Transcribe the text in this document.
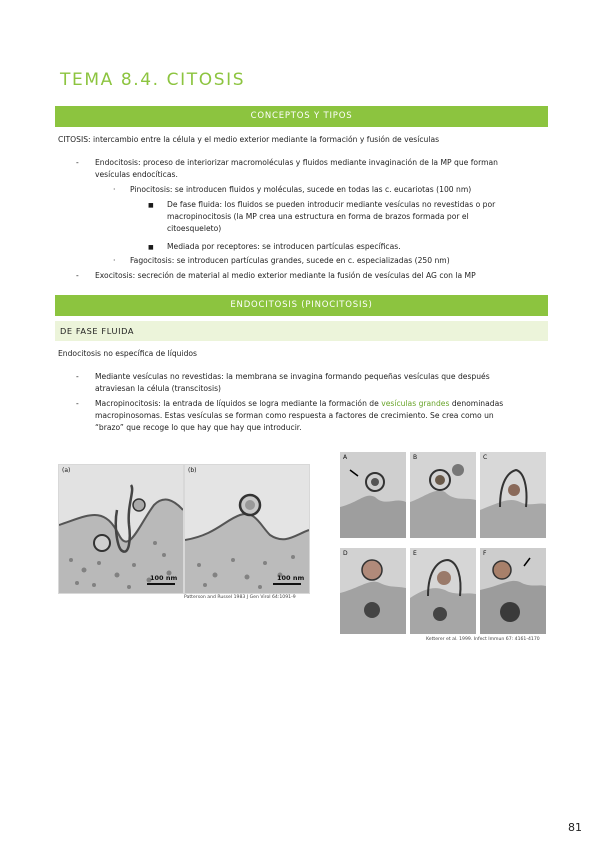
TEMA 8.4. CITOSIS
CONCEPTOS Y TIPOS
CITOSIS: intercambio entre la célula y el medio exterior mediante la formación y fusión de vesículas
- Endocitosis: proceso de interiorizar macromoléculas y fluidos mediante invaginación de la MP que forman
vesículas endocíticas.
· Pinocitosis: se introducen fluidos y moléculas, sucede en todas las c. eucariotas (100 nm)
■ De fase fluida: los fluidos se pueden introducir mediante vesículas no revestidas o por
macropinocitosis (la MP crea una estructura en forma de brazos formada por el
citoesqueleto)
■ Mediada por receptores: se introducen partículas específicas.
· Fagocitosis: se introducen partículas grandes, sucede en c. especializadas (250 nm)
- Exocitosis: secreción de material al medio exterior mediante la fusión de vesículas del AG con la MP
ENDOCITOSIS (PINOCITOSIS)
DE FASE FLUIDA
Endocitosis no específica de líquidos
- Mediante vesículas no revestidas: la membrana se invagina formando pequeñas vesículas que después
atraviesan la célula (transcitosis)
- Macropinocitosis: la entrada de líquidos se logra mediante la formación de vesículas grandes denominadas
macropinosomas. Estas vesículas se forman como respuesta a factores de crecimiento. Se crea como un
“brazo” que recoge lo que hay que hay que introducir.
(a)
100 nm
(b)
100 nm
Patterson and Russel 1983 J Gen Virol 64:1091-9
A	B	C
D	E	F
Ketterer et al. 1999. Infect Immun 67: 4161-4170
81
